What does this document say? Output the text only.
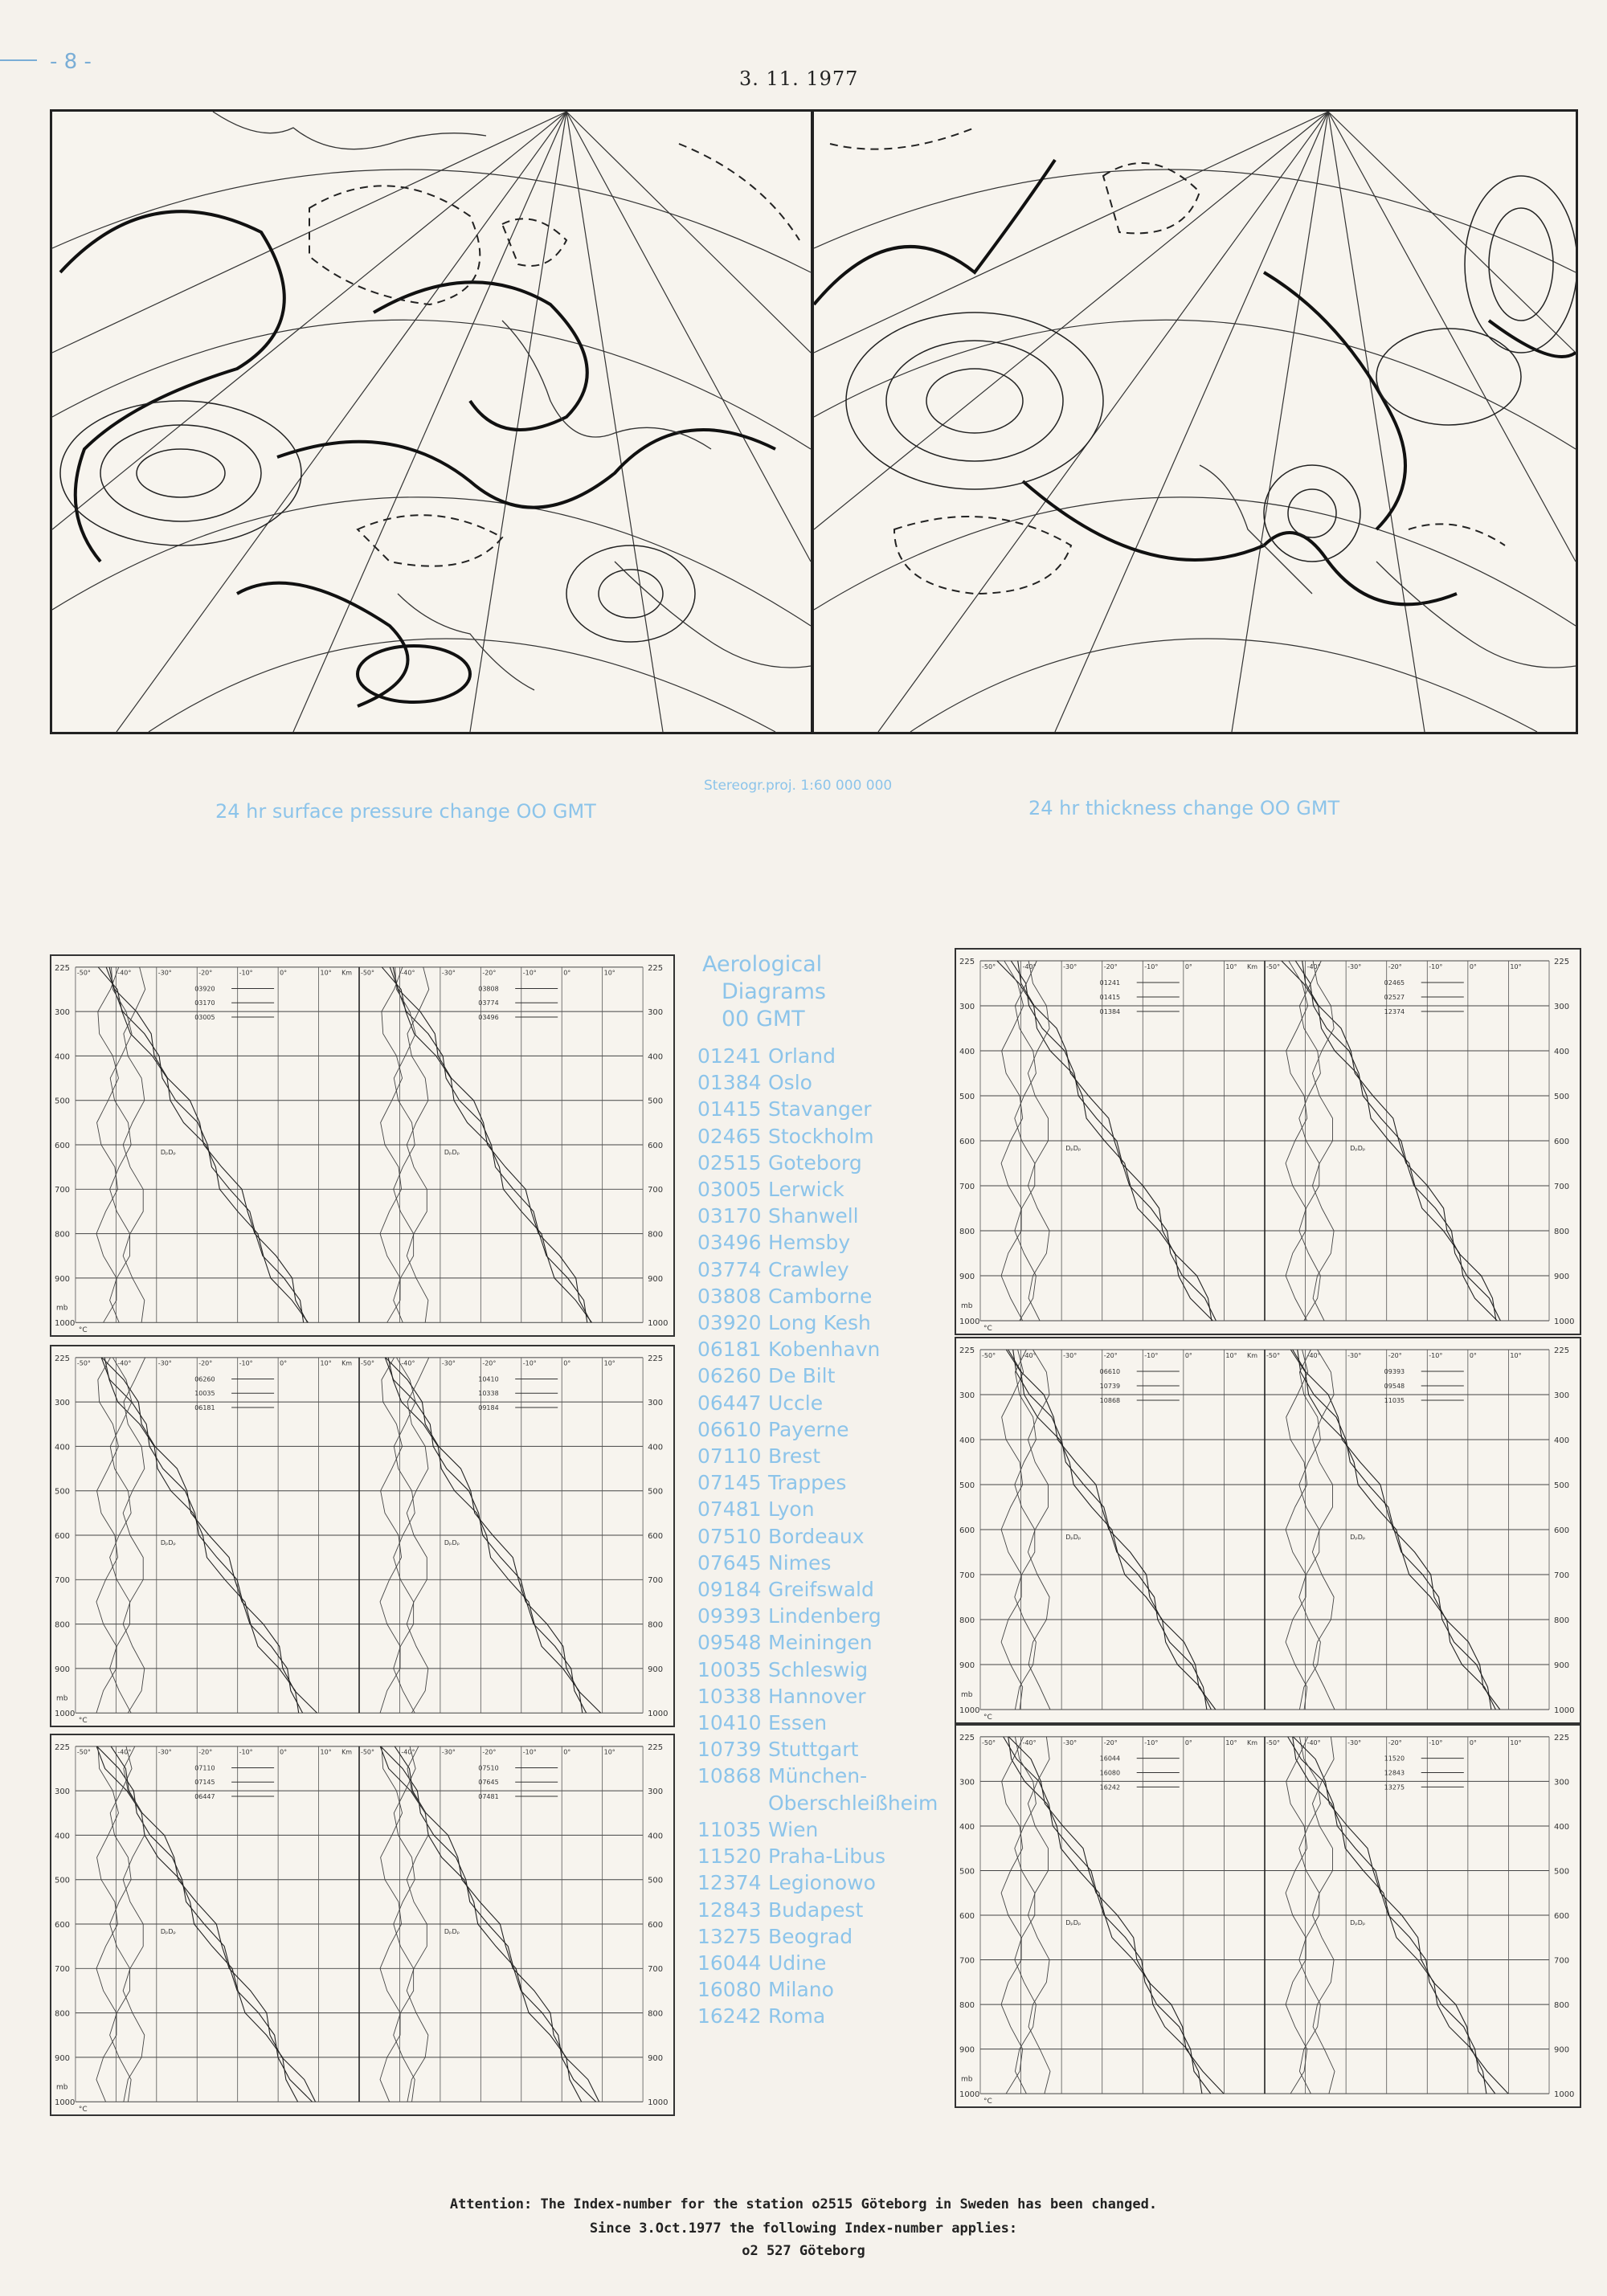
- 8 -
3. 11. 1977
24 hr surface pressure change OO GMT
Stereogr.proj. 1:60 000 000
24 hr thickness change OO GMT
225	225
300	300
400	400
500	500
600	600
700	700
800	800
900	900
1000	1000
-50°	-40°	-30°	-20°	-10°	0°	10°
03920
03170
03005
DₚDₚ
-50°	-40°	-30°	-20°	-10°	0°	10°
03808
03774
03496
DₚDₚ
Km
°C
mb
225	225
300	300
400	400
500	500
600	600
700	700
800	800
900	900
1000	1000
-50°	-40°	-30°	-20°	-10°	0°	10°
06260
10035
06181
DₚDₚ
-50°	-40°	-30°	-20°	-10°	0°	10°
10410
10338
09184
DₚDₚ
Km
°C
mb
225	225
300	300
400	400
500	500
600	600
700	700
800	800
900	900
1000	1000
-50°	-40°	-30°	-20°	-10°	0°	10°
07110
07145
06447
DₚDₚ
-50°	-40°	-30°	-20°	-10°	0°	10°
07510
07645
07481
DₚDₚ
Km
°C
mb
225	225
300	300
400	400
500	500
600	600
700	700
800	800
900	900
1000	1000
-50°	-40°	-30°	-20°	-10°	0°	10°
01241
01415
01384
DₚDₚ
-50°	-40°	-30°	-20°	-10°	0°	10°
02465
02527
12374
DₚDₚ
Km
°C
mb
225	225
300	300
400	400
500	500
600	600
700	700
800	800
900	900
1000	1000
-50°	-40°	-30°	-20°	-10°	0°	10°
06610
10739
10868
DₚDₚ
-50°	-40°	-30°	-20°	-10°	0°	10°
09393
09548
11035
DₚDₚ
Km
°C
mb
225	225
300	300
400	400
500	500
600	600
700	700
800	800
900	900
1000	1000
-50°	-40°	-30°	-20°	-10°	0°	10°
16044
16080
16242
DₚDₚ
-50°	-40°	-30°	-20°	-10°	0°	10°
11520
12843
13275
DₚDₚ
Km
°C
mb
Aerological
Diagrams
00 GMT
01241 Orland
01384 Oslo
01415 Stavanger
02465 Stockholm
02515 Goteborg
03005 Lerwick
03170 Shanwell
03496 Hemsby
03774 Crawley
03808 Camborne
03920 Long Kesh
06181 Kobenhavn
06260 De Bilt
06447 Uccle
06610 Payerne
07110 Brest
07145 Trappes
07481 Lyon
07510 Bordeaux
07645 Nimes
09184 Greifswald
09393 Lindenberg
09548 Meiningen
10035 Schleswig
10338 Hannover
10410 Essen
10739 Stuttgart
10868 München-
Oberschleißheim
11035 Wien
11520 Praha-Libus
12374 Legionowo
12843 Budapest
13275 Beograd
16044 Udine
16080 Milano
16242 Roma
Attention: The Index-number for the station o2515 Göteborg in Sweden has been changed.
Since 3.Oct.1977 the following Index-number applies:
o2 527 Göteborg
